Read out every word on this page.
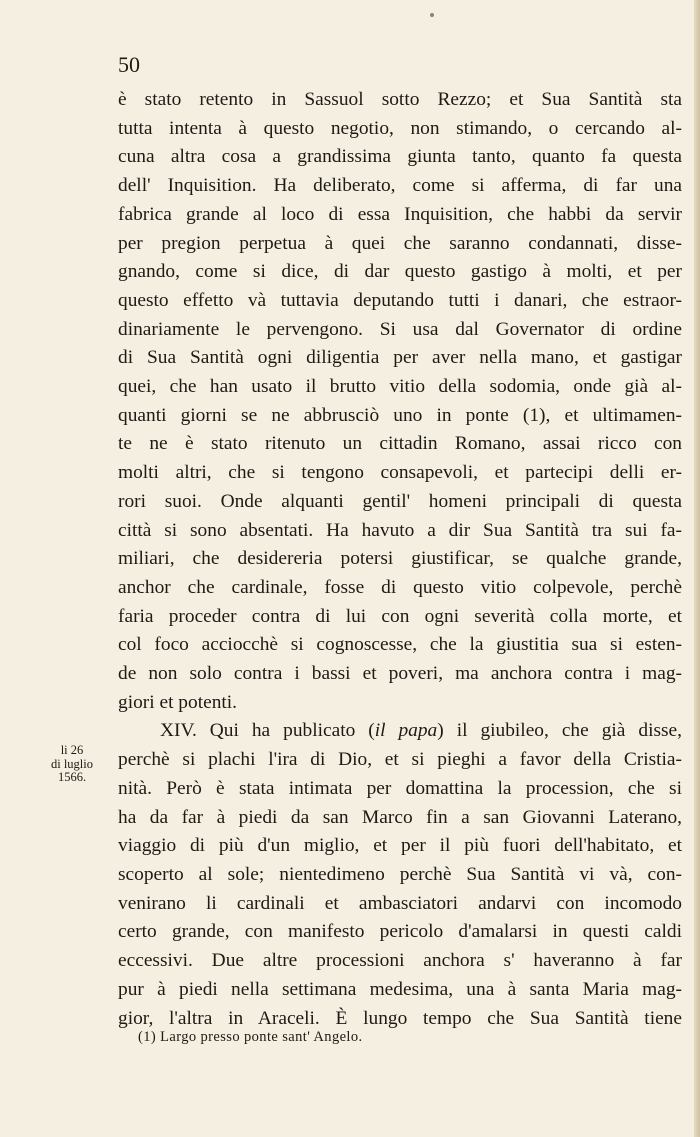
50
è stato retento in Sassuol sotto Rezzo; et Sua Santità sta
tutta intenta à questo negotio, non stimando, o cercando al-
cuna altra cosa a grandissima giunta tanto, quanto fa questa
dell' Inquisition. Ha deliberato, come si afferma, di far una
fabrica grande al loco di essa Inquisition, che habbi da servir
per pregion perpetua à quei che saranno condannati, disse-
gnando, come si dice, di dar questo gastigo à molti, et per
questo effetto và tuttavia deputando tutti i danari, che estraor-
dinariamente le pervengono. Si usa dal Governator di ordine
di Sua Santità ogni diligentia per aver nella mano, et gastigar
quei, che han usato il brutto vitio della sodomia, onde già al-
quanti giorni se ne abbrusciò uno in ponte (1), et ultimamen-
te ne è stato ritenuto un cittadin Romano, assai ricco con
molti altri, che si tengono consapevoli, et partecipi delli er-
rori suoi. Onde alquanti gentil' homeni principali di questa
città si sono absentati. Ha havuto a dir Sua Santità tra sui fa-
miliari, che desidereria potersi giustificar, se qualche grande,
anchor che cardinale, fosse di questo vitio colpevole, perchè
faria proceder contra di lui con ogni severità colla morte, et
col foco acciocchè si cognoscesse, che la giustitia sua si esten-
de non solo contra i bassi et poveri, ma anchora contra i mag-
giori et potenti.
XIV. Qui ha publicato (il papa) il giubileo, che già disse,
perchè si plachi l'ira di Dio, et si pieghi a favor della Cristia-
nità. Però è stata intimata per domattina la procession, che si
ha da far à piedi da san Marco fin a san Giovanni Laterano,
viaggio di più d'un miglio, et per il più fuori dell'habitato, et
scoperto al sole; nientedimeno perchè Sua Santità vi và, con-
venirano li cardinali et ambasciatori andarvi con incomodo
certo grande, con manifesto pericolo d'amalarsi in questi caldi
eccessivi. Due altre processioni anchora s' haveranno à far
pur à piedi nella settimana medesima, una à santa Maria mag-
gior, l'altra in Araceli. È lungo tempo che Sua Santità tiene
li 26
di luglio
1566.
(1) Largo presso ponte sant' Angelo.
